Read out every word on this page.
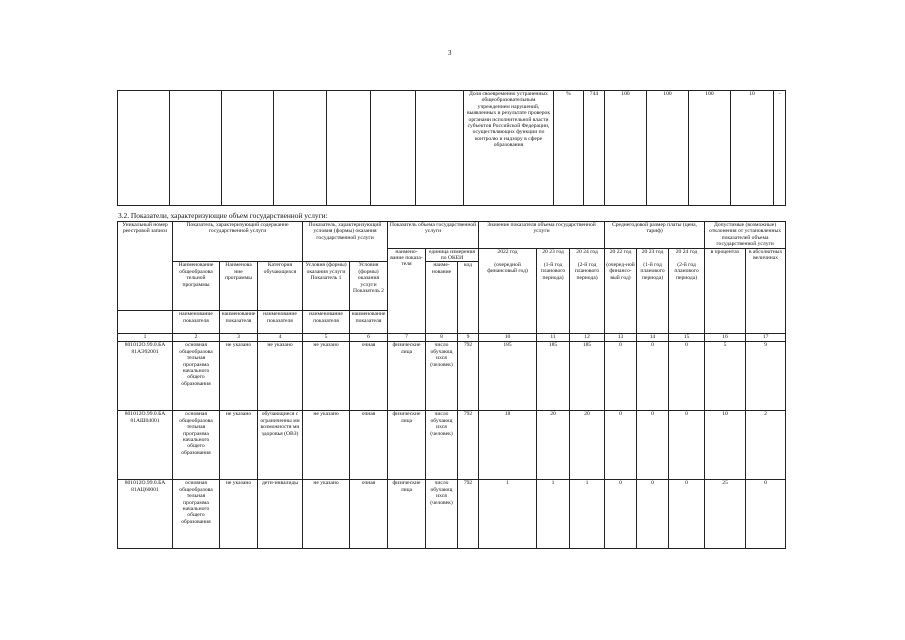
3
							Доля своевременно устраненных общеобразовательным учреждением нарушений, выявленных в результате проверок органами исполнительной власти субъектов Российской Федерации, осуществляющих функции по контролю и надзору в сфере образования	%	744	100	100	100	10	-
3.2. Показатели, характеризующие объем государственной услуги:
Уникальный номер реестровой записи	Показатель, характеризующий содержание государственной услуги			Показатель, характеризующий условия (формы) оказания государственной услуги		Показатель объема государственной услуги			Значение показателя объема государственной услуги			Среднегодовой размер платы (цена, тариф)			Допустимые (возможные) отклонения от установленных показателей объема государственной услуги	
						наимено-вание показа-теля	единица измерения по ОКЕИ		2022 год	20 23 год	20 24 год	20 22 год	20 23 год	20 24 год	в процентах	в абсолютных величинах
	Наименование общеобразова тельной программы	Наименова ние программы	Категория обучающихся	Условия (формы) оказания услуги Показатель 1	Условия (формы) оказания услуги Показатель 2		наиме-нование	код	(очередной финансовый год)	(1-й год планового периода)	(2-й год планового периода)	(очеред-ной финансо-вый год)	(1-й год планового периода)	(2-й год планового периода)		
	наименование показателя	наименование показателя	наименование показателя	наименование показателя	наименование показателя											
1	2	3	4	5	6	7	8	9	10	11	12	13	14	15	16	17
801012О.99.0.БА 81АЭ92001	основная общеобразова тельная программа начального общего образования	не указано	не указано	не указано	очная	физические лица	число обучающ ихся (человек)	792	185	185	185	0	0	0	5	9
801012О.99.0.БА 81АШ04001	основная общеобразова тельная программа начального общего образования	не указано	обучающиеся с ограниченны ми возможностя ми здоровья (ОВЗ)	не указано	очная	физические лица	число обучающ ихся (человек)	792	18	20	20	0	0	0	10	2
801012О.99.0.БА 81АЦ60001	основная общеобразова тельная программа начального общего образования	не указано	дети-инвалиды	не указано	очная	физические лица	число обучающ ихся (человек)	792	1	1	1	0	0	0	25	0
